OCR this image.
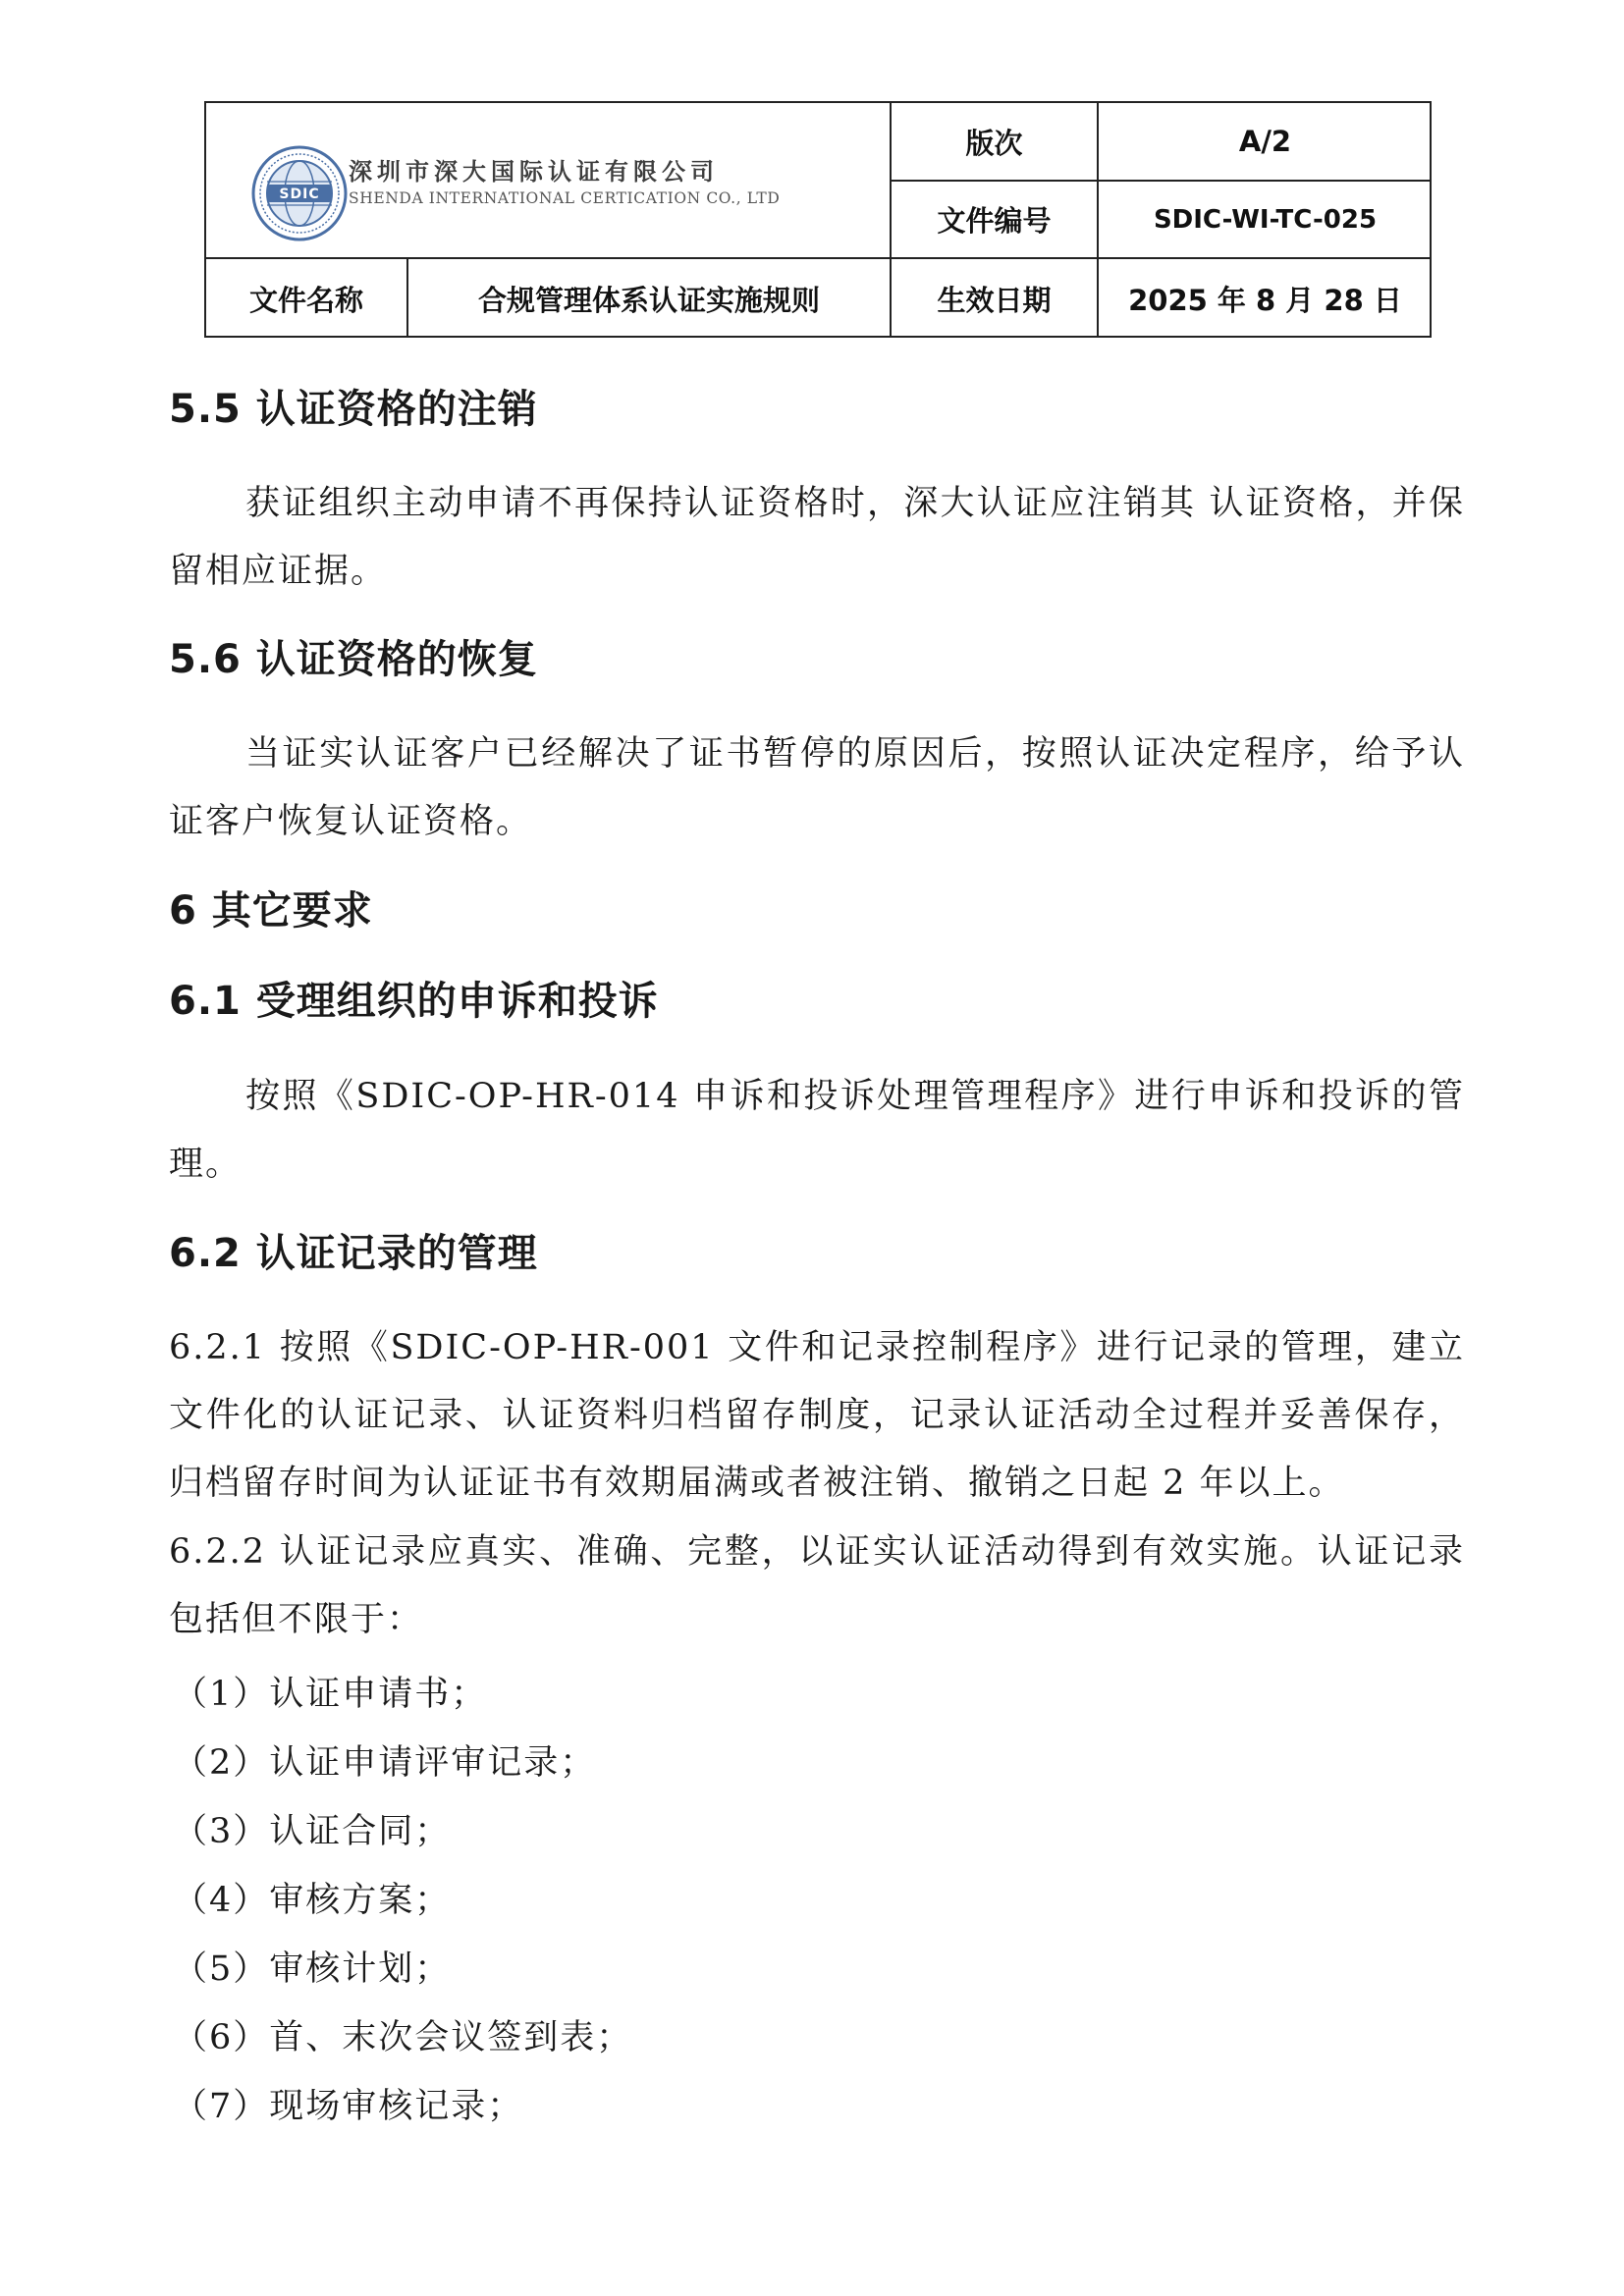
SDIC
深圳市深大国际认证有限公司
SHENDA INTERNATIONAL CERTICATION CO., LTD
版次	A/2
文件编号	SDIC-WI-TC-025
文件名称	合规管理体系认证实施规则	生效日期	2025 年 8 月 28 日
5.5 认证资格的注销

获证组织主动申请不再保持认证资格时，深大认证应注销其 认证资格，并保留相应证据。

5.6 认证资格的恢复

当证实认证客户已经解决了证书暂停的原因后，按照认证决定程序，给予认证客户恢复认证资格。

6 其它要求
6.1 受理组织的申诉和投诉

按照《SDIC-OP-HR-014 申诉和投诉处理管理程序》进行申诉和投诉的管理。

6.2 认证记录的管理

6.2.1 按照《SDIC-OP-HR-001 文件和记录控制程序》进行记录的管理，建立文件化的认证记录、认证资料归档留存制度，记录认证活动全过程并妥善保存，归档留存时间为认证证书有效期届满或者被注销、撤销之日起 2 年以上。

6.2.2 认证记录应真实、准确、完整，以证实认证活动得到有效实施。认证记录包括但不限于：

（1）认证申请书；
（2）认证申请评审记录；
（3）认证合同；
（4）审核方案；
（5）审核计划；
（6）首、末次会议签到表；
（7）现场审核记录；
